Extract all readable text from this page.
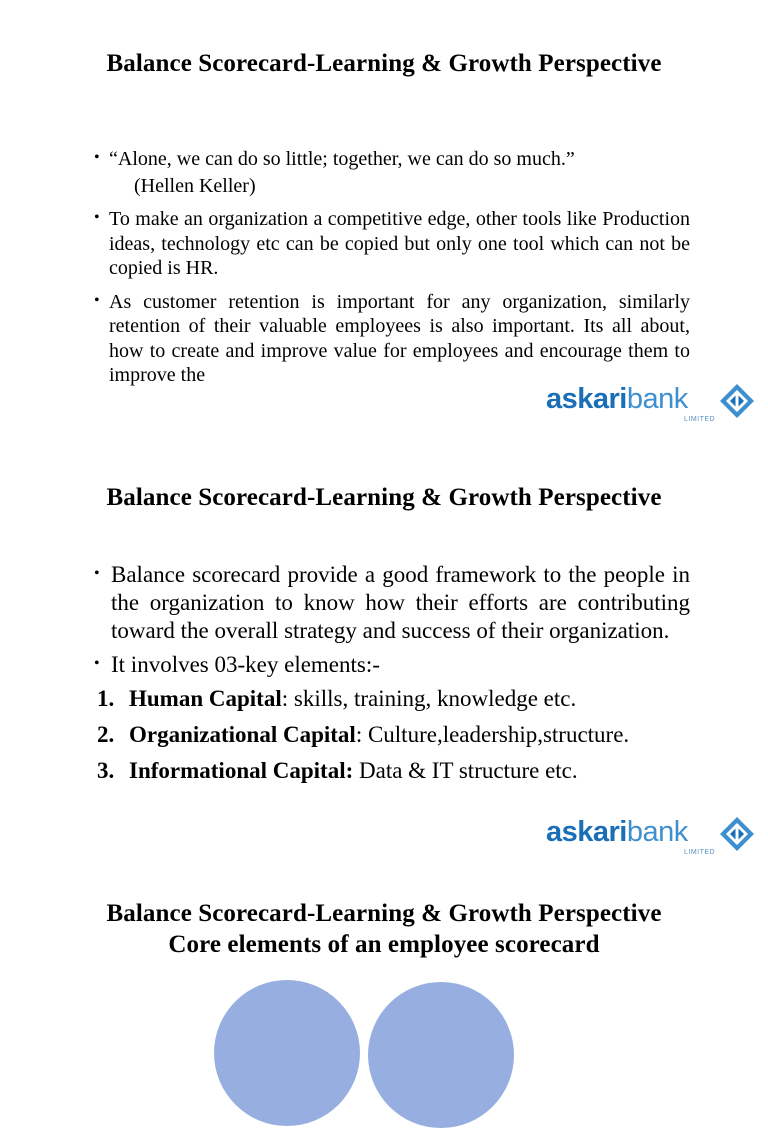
Balance Scorecard-Learning & Growth Perspective
• “Alone, we can do so little; together, we can do so much.”
(Hellen Keller)
• To make an organization a competitive edge, other tools like Production ideas, technology etc can be copied but only one tool which can not be copied is HR.
• As customer retention is important for any organization, similarly retention of their valuable employees is also important. Its all about, how to create and improve value for employees and encourage them to improve the
askaribank
LIMITED
Balance Scorecard-Learning & Growth Perspective
• Balance scorecard provide a good framework to the people in the organization to know how their efforts are contributing toward the overall strategy and success of their organization.
• It involves 03-key elements:-
1. Human Capital: skills, training, knowledge etc.
2. Organizational Capital: Culture,leadership,structure.
3. Informational Capital: Data & IT structure etc.
askaribank
LIMITED
Balance Scorecard-Learning & Growth Perspective
Core elements of an employee scorecard
